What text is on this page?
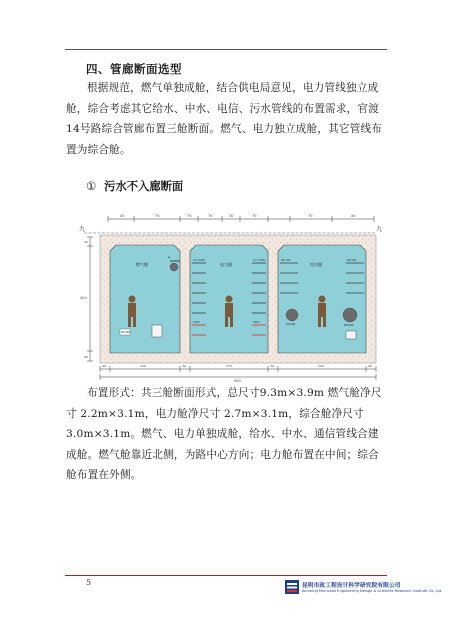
四、管廊断面选型

根据规范，燃气单独成舱，结合供电局意见，电力管线独立成舱，综合考虑其它给水、中水、电信、污水管线的布置需求，官渡14号路综合管廊布置三舱断面。燃气、电力独立成舱，其它管线布置为综合舱。

① 污水不入廊断面
50	70	70	70	10	70	70	50
九	九
300
30
40
燃气舱
φ
DN300
电力舱
3×110kV	3×110kV
10kV	10kV
综合舱
DN100	DN100
DN300	DN600
40	220	30	270	30	220	40
930

布置形式：共三舱断面形式，总尺寸9.3m×3.9m 燃气舱净尺寸 2.2m×3.1m，电力舱净尺寸 2.7m×3.1m，综合舱净尺寸3.0m×3.1m。燃气、电力单独成舱，给水、中水、通信管线合建成舱。燃气舱靠近北侧，为路中心方向；电力舱布置在中间；综合舱布置在外侧。

5	昆明市政工程设计科学研究院有限公司
Kunming Municipal Engineering Design & Scientific Research Institute Co.,Ltd.
